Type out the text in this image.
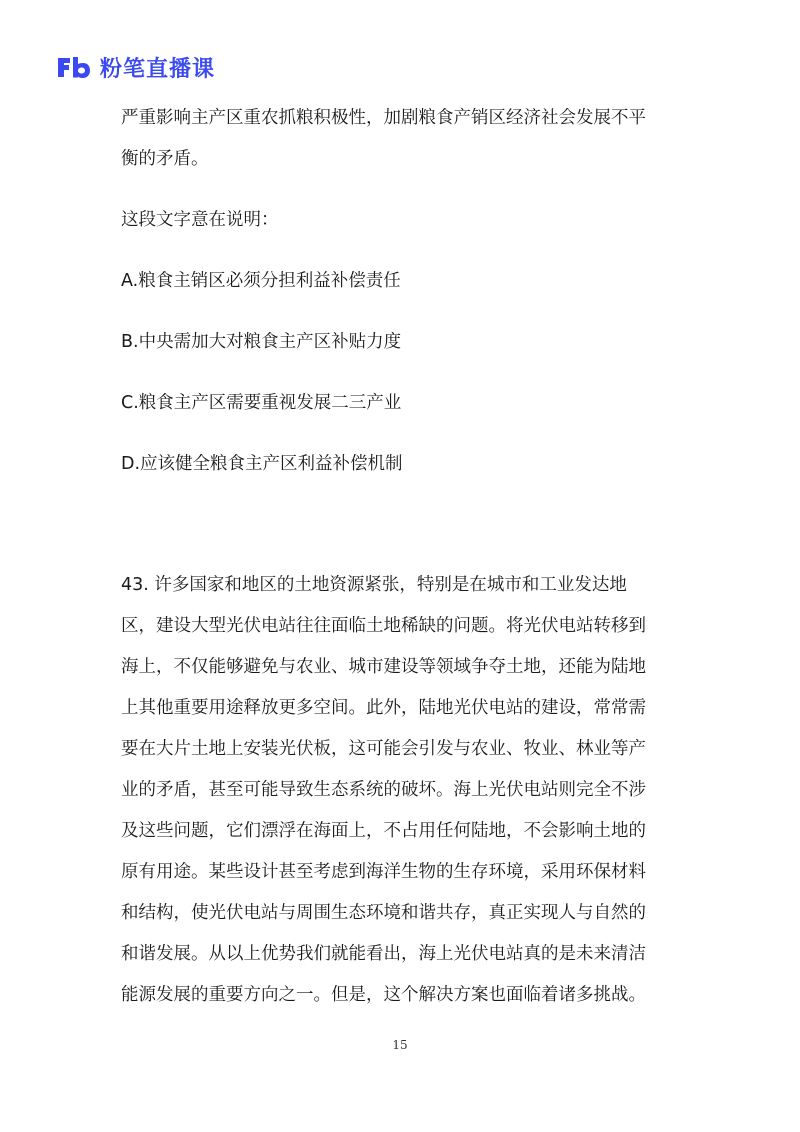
粉笔直播课
严重影响主产区重农抓粮积极性，加剧粮食产销区经济社会发展不平
衡的矛盾。
这段文字意在说明：
A.粮食主销区必须分担利益补偿责任
B.中央需加大对粮食主产区补贴力度
C.粮食主产区需要重视发展二三产业
D.应该健全粮食主产区利益补偿机制
43. 许多国家和地区的土地资源紧张，特别是在城市和工业发达地
区，建设大型光伏电站往往面临土地稀缺的问题。将光伏电站转移到
海上，不仅能够避免与农业、城市建设等领域争夺土地，还能为陆地
上其他重要用途释放更多空间。此外，陆地光伏电站的建设，常常需
要在大片土地上安装光伏板，这可能会引发与农业、牧业、林业等产
业的矛盾，甚至可能导致生态系统的破坏。海上光伏电站则完全不涉
及这些问题，它们漂浮在海面上，不占用任何陆地，不会影响土地的
原有用途。某些设计甚至考虑到海洋生物的生存环境，采用环保材料
和结构，使光伏电站与周围生态环境和谐共存，真正实现人与自然的
和谐发展。从以上优势我们就能看出，海上光伏电站真的是未来清洁
能源发展的重要方向之一。但是，这个解决方案也面临着诸多挑战。
15
